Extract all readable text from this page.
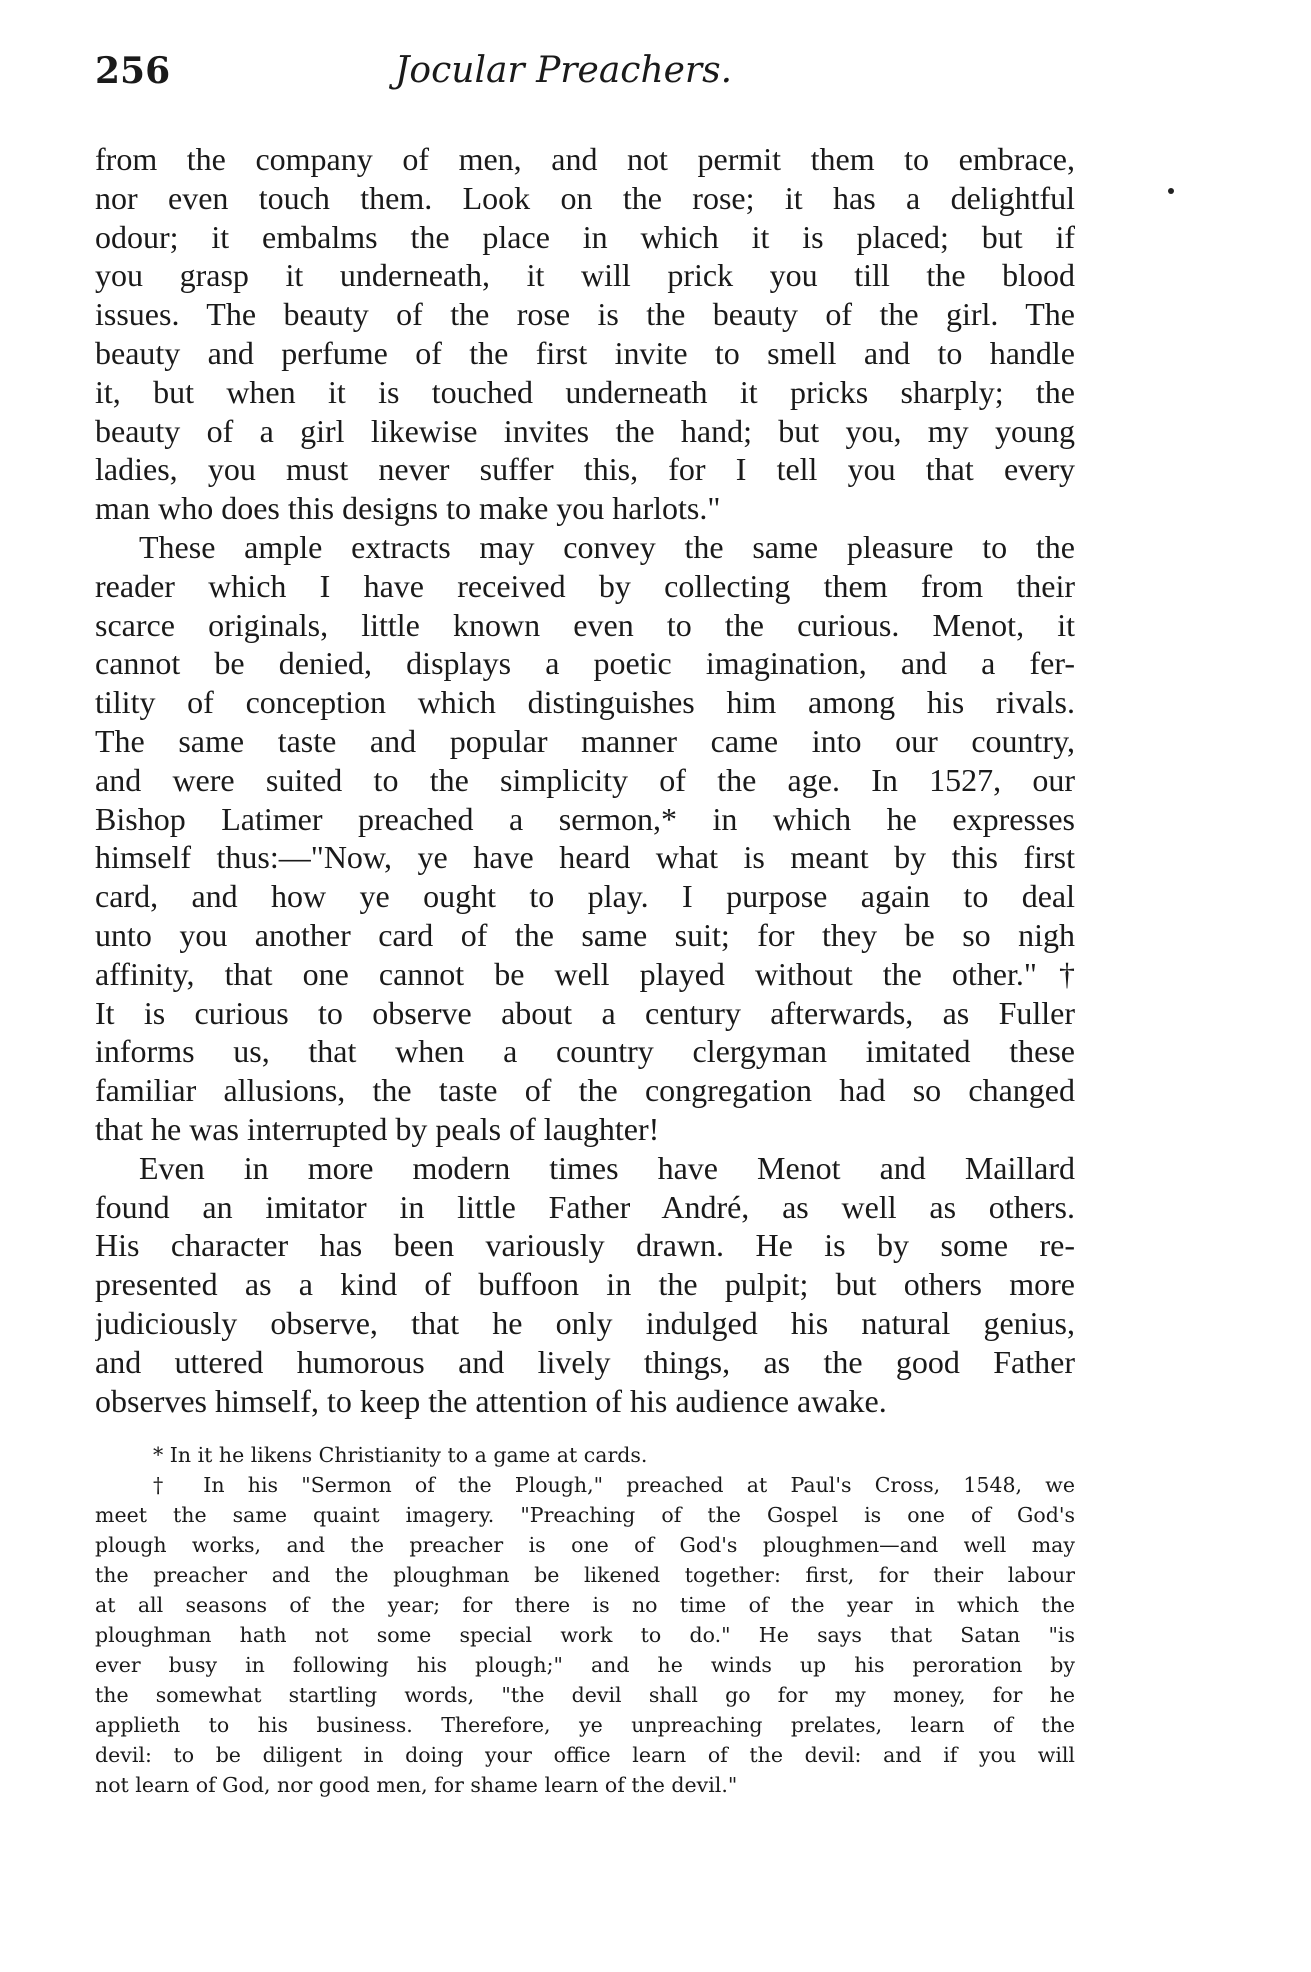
256	Jocular Preachers.
from the company of men, and not permit them to embrace,
nor even touch them. Look on the rose; it has a delightful
odour; it embalms the place in which it is placed; but if
you grasp it underneath, it will prick you till the blood
issues. The beauty of the rose is the beauty of the girl. The
beauty and perfume of the first invite to smell and to handle
it, but when it is touched underneath it pricks sharply; the
beauty of a girl likewise invites the hand; but you, my young
ladies, you must never suffer this, for I tell you that every
man who does this designs to make you harlots."
These ample extracts may convey the same pleasure to the
reader which I have received by collecting them from their
scarce originals, little known even to the curious. Menot, it
cannot be denied, displays a poetic imagination, and a fer-
tility of conception which distinguishes him among his rivals.
The same taste and popular manner came into our country,
and were suited to the simplicity of the age. In 1527, our
Bishop Latimer preached a sermon,* in which he expresses
himself thus:—"Now, ye have heard what is meant by this first
card, and how ye ought to play. I purpose again to deal
unto you another card of the same suit; for they be so nigh
affinity, that one cannot be well played without the other."†
It is curious to observe about a century afterwards, as Fuller
informs us, that when a country clergyman imitated these
familiar allusions, the taste of the congregation had so changed
that he was interrupted by peals of laughter!
Even in more modern times have Menot and Maillard
found an imitator in little Father André, as well as others.
His character has been variously drawn. He is by some re-
presented as a kind of buffoon in the pulpit; but others more
judiciously observe, that he only indulged his natural genius,
and uttered humorous and lively things, as the good Father
observes himself, to keep the attention of his audience awake.
* In it he likens Christianity to a game at cards.
† In his "Sermon of the Plough," preached at Paul's Cross, 1548, we
meet the same quaint imagery. "Preaching of the Gospel is one of God's
plough works, and the preacher is one of God's ploughmen—and well may
the preacher and the ploughman be likened together: first, for their labour
at all seasons of the year; for there is no time of the year in which the
ploughman hath not some special work to do." He says that Satan "is
ever busy in following his plough;" and he winds up his peroration by
the somewhat startling words, "the devil shall go for my money, for he
applieth to his business. Therefore, ye unpreaching prelates, learn of the
devil: to be diligent in doing your office learn of the devil: and if you will
not learn of God, nor good men, for shame learn of the devil."
